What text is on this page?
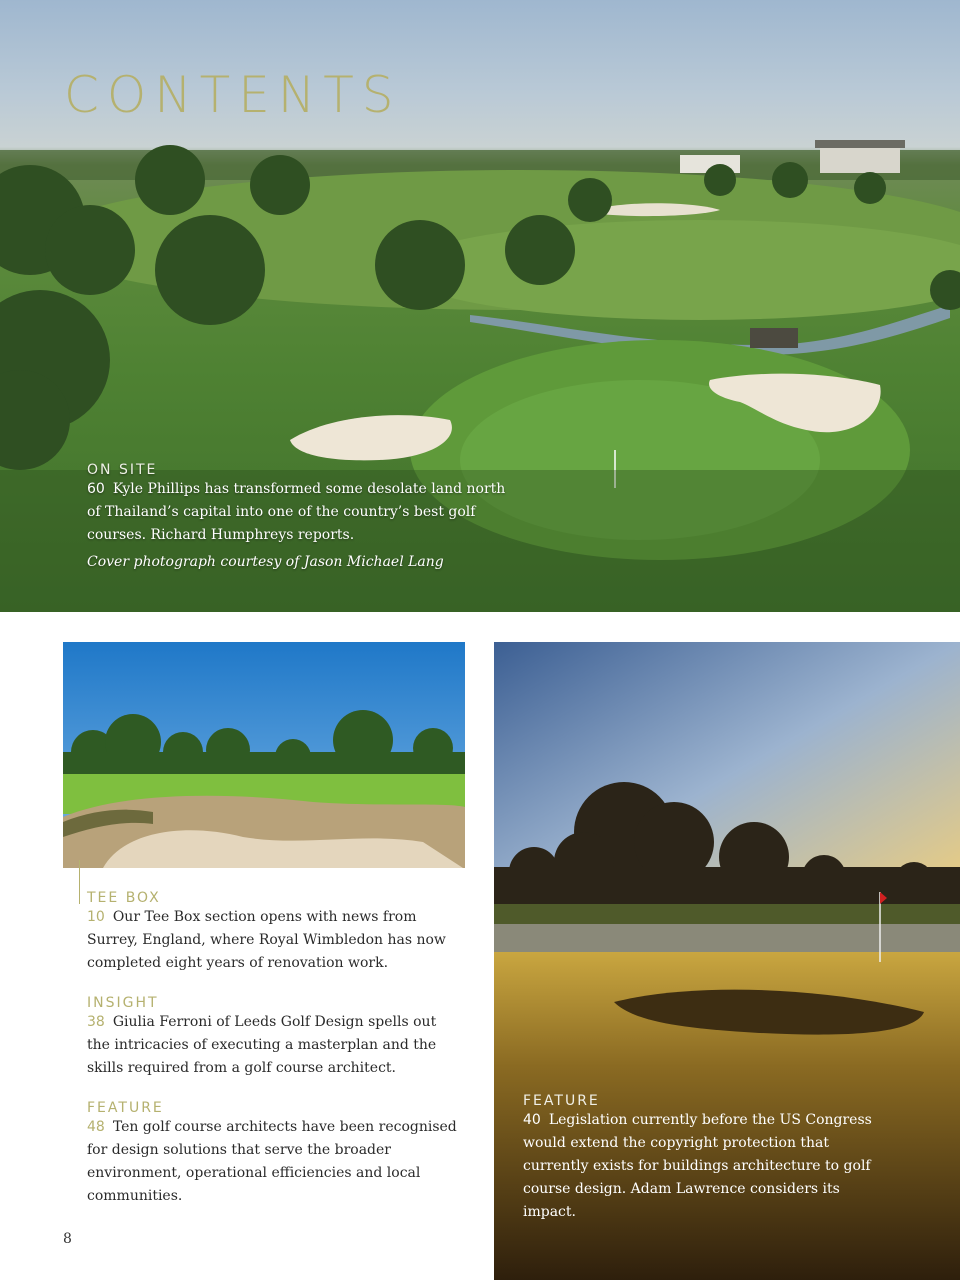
CONTENTS
ON SITE
60 Kyle Phillips has transformed some desolate land north of Thailand’s capital into one of the country’s best golf courses. Richard Humphreys reports.
Cover photograph courtesy of Jason Michael Lang
TEE BOX
10 Our Tee Box section opens with news from Surrey, England, where Royal Wimbledon has now completed eight years of renovation work.
INSIGHT
38 Giulia Ferroni of Leeds Golf Design spells out the intricacies of executing a masterplan and the skills required from a golf course architect.
FEATURE
48 Ten golf course architects have been recognised for design solutions that serve the broader environment, operational efficiencies and local communities.
FEATURE
40 Legislation currently before the US Congress would extend the copyright protection that currently exists for buildings architecture to golf course design. Adam Lawrence considers its impact.
8
